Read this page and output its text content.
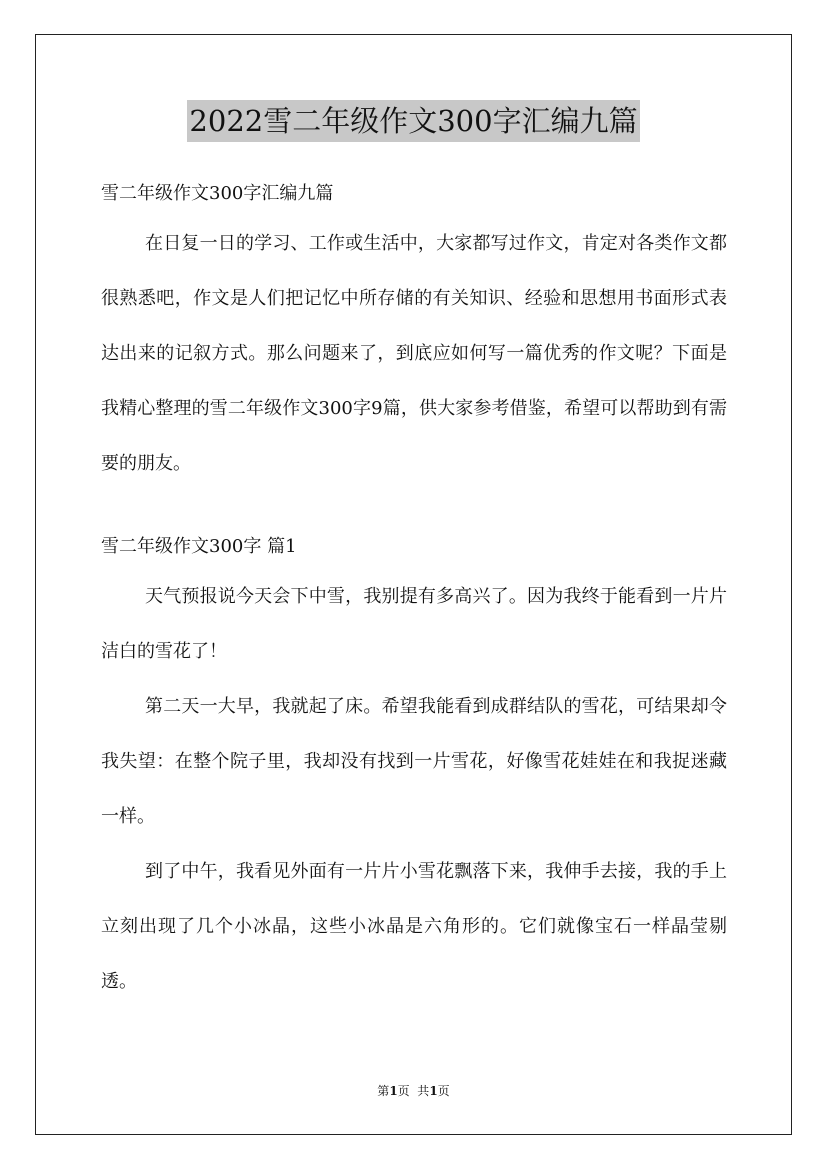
2022雪二年级作文300字汇编九篇

雪二年级作文300字汇编九篇

在日复一日的学习、工作或生活中，大家都写过作文，肯定对各类作文都很熟悉吧，作文是人们把记忆中所存储的有关知识、经验和思想用书面形式表达出来的记叙方式。那么问题来了，到底应如何写一篇优秀的作文呢？下面是我精心整理的雪二年级作文300字9篇，供大家参考借鉴，希望可以帮助到有需要的朋友。

雪二年级作文300字 篇1

天气预报说今天会下中雪，我别提有多高兴了。因为我终于能看到一片片洁白的雪花了！

第二天一大早，我就起了床。希望我能看到成群结队的雪花，可结果却令我失望：在整个院子里，我却没有找到一片雪花，好像雪花娃娃在和我捉迷藏一样。

到了中午，我看见外面有一片片小雪花飘落下来，我伸手去接，我的手上立刻出现了几个小冰晶，这些小冰晶是六角形的。它们就像宝石一样晶莹剔透。

第1页  共1页
